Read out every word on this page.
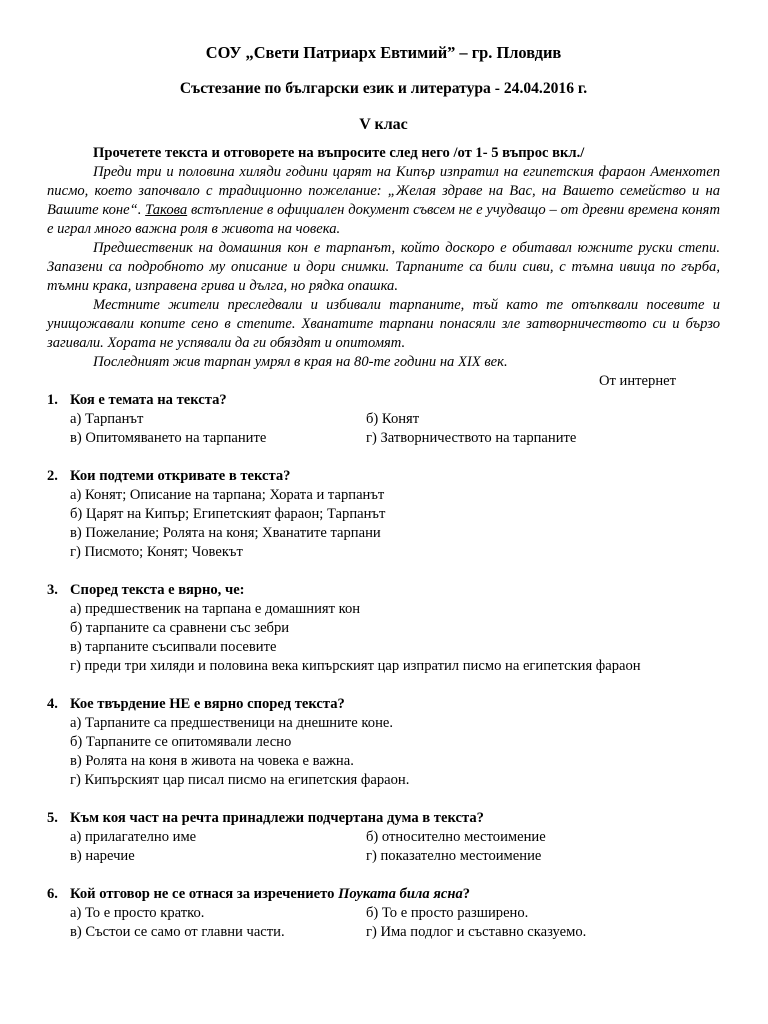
СОУ „Свети Патриарх Евтимий” – гр. Пловдив
Състезание по български език и литература - 24.04.2016 г.
V клас

Прочетете текста и отговорете на въпросите след него /от 1- 5 въпрос вкл./

Преди три и половина хиляди години царят на Кипър изпратил на египетския фараон Аменхотеп писмо, което започвало с традиционно пожелание: „Желая здраве на Вас, на Вашето семейство и на Вашите коне“. Такова встъпление в официален документ съвсем не е учудващо – от древни времена конят е играл много важна роля в живота на човека.

Предшественик на домашния кон е тарпанът, който доскоро е обитавал южните руски степи. Запазени са подробното му описание и дори снимки. Тарпаните са били сиви, с тъмна ивица по гърба, тъмни крака, изправена грива и дълга, но рядка опашка.

Местните жители преследвали и избивали тарпаните, тъй като те отъпквали посевите и унищожавали копите сено в степите. Хванатите тарпани понасяли зле затворничеството си и бързо загивали. Хората не успявали да ги обяздят и опитомят.

Последният жив тарпан умрял в края на 80-те години на XIX век.

От интернет

1. Коя е темата на текста?
а) Тарпанът	б) Конят
в) Опитомяването на тарпаните	г) Затворничеството на тарпаните
2. Кои подтеми откривате в текста?
а) Конят; Описание на тарпана; Хората и тарпанът
б) Царят на Кипър; Египетският фараон; Тарпанът
в) Пожелание; Ролята на коня; Хванатите тарпани
г) Писмото; Конят; Човекът
3. Според текста е вярно, че:
а) предшественик на тарпана е домашният кон
б) тарпаните са сравнени със зебри
в) тарпаните съсипвали посевите
г) преди три хиляди и половина века кипърският цар изпратил писмо на египетския фараон
4. Кое твърдение НЕ е вярно според текста?
а) Тарпаните са предшественици на днешните коне.
б) Тарпаните се опитомявали лесно
в) Ролята на коня в живота на човека е важна.
г) Кипърският цар писал писмо на египетския фараон.
5. Към коя част на речта принадлежи подчертана дума в текста?
а) прилагателно име	б) относително местоимение
в) наречие	г) показателно местоимение
6. Кой отговор не се отнася за изречението Поуката била ясна?
а) То е просто кратко.	б) То е просто разширено.
в) Състои се само от главни части.	г) Има подлог и съставно сказуемо.
